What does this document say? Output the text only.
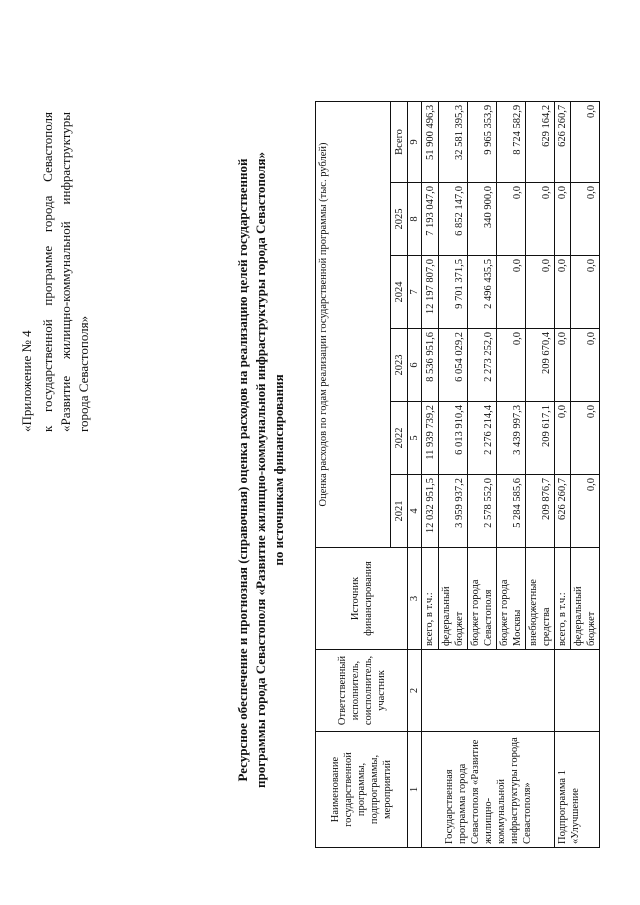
«Приложение № 4 к государственной программе города Севастополя «Развитие жилищно-коммунальной инфраструктуры города Севастополя»	Ресурсное обеспечение и прогнозная (справочная) оценка расходов на реализацию целей государственной программы города Севастополя «Развитие жилищно-коммунальной инфраструктуры города Севастополя» по источникам финансирования
Наименование государственной программы, подпрограммы, мероприятий	Ответственный исполнитель, соисполнитель, участник	Источник финансирования	Оценка расходов по годам реализации государственной программы (тыс. рублей)					
			2021	2022	2023	2024	2025	Всего
1	2	3	4	5	6	7	8	9
Государственная программа города Севастополя «Развитие жилищно-коммунальной инфраструктуры города Севастополя»		всего, в т.ч.:	12 032 951,5	11 939 739,2	8 536 951,6	12 197 807,0	7 193 047,0	51 900 496,3
		федеральный бюджет	3 959 937,2	6 013 910,4	6 054 029,2	9 701 371,5	6 852 147,0	32 581 395,3
		бюджет города Севастополя	2 578 552,0	2 276 214,4	2 273 252,0	2 496 435,5	340 900,0	9 965 353,9
		бюджет города Москвы	5 284 585,6	3 439 997,3	0,0	0,0	0,0	8 724 582,9
		внебюджетные средства	209 876,7	209 617,1	209 670,4	0,0	0,0	629 164,2

Подпрограмма 1 «Улучшение		всего, в т.ч.:	626 260,7	0,0	0,0	0,0	0,0	626 260,7
		федеральный бюджет	0,0	0,0	0,0	0,0	0,0	0,0
